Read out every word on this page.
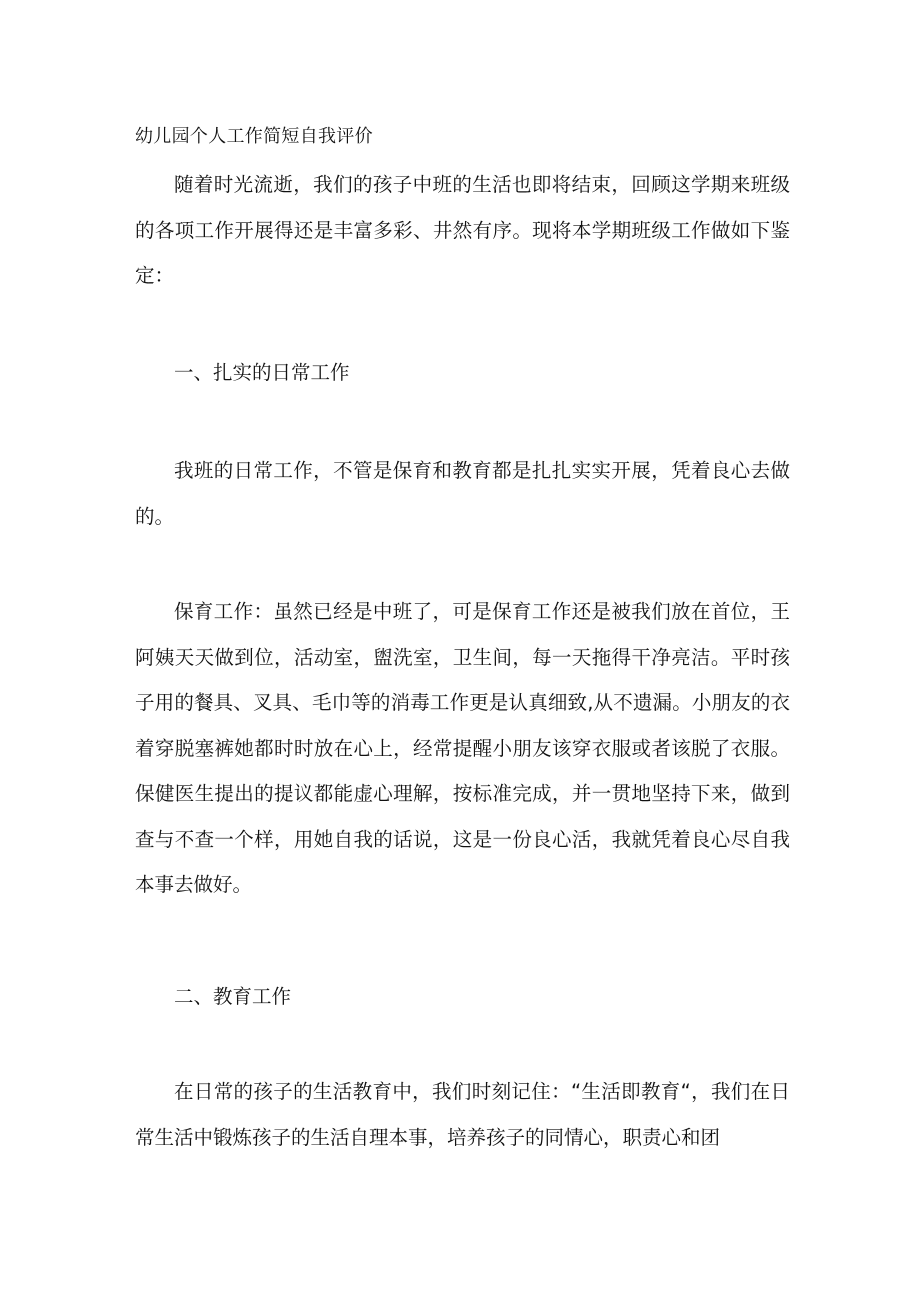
幼儿园个人工作简短自我评价

随着时光流逝，我们的孩子中班的生活也即将结束，回顾这学期来班级的各项工作开展得还是丰富多彩、井然有序。现将本学期班级工作做如下鉴定：

一、扎实的日常工作

我班的日常工作，不管是保育和教育都是扎扎实实开展，凭着良心去做的。

保育工作：虽然已经是中班了，可是保育工作还是被我们放在首位，王阿姨天天做到位，活动室，盥洗室，卫生间，每一天拖得干净亮洁。平时孩子用的餐具、叉具、毛巾等的消毒工作更是认真细致,从不遗漏。小朋友的衣着穿脱塞裤她都时时放在心上，经常提醒小朋友该穿衣服或者该脱了衣服。保健医生提出的提议都能虚心理解，按标准完成，并一贯地坚持下来，做到查与不查一个样，用她自我的话说，这是一份良心活，我就凭着良心尽自我本事去做好。

二、教育工作

在日常的孩子的生活教育中，我们时刻记住：“生活即教育“，我们在日常生活中锻炼孩子的生活自理本事，培养孩子的同情心，职责心和团
